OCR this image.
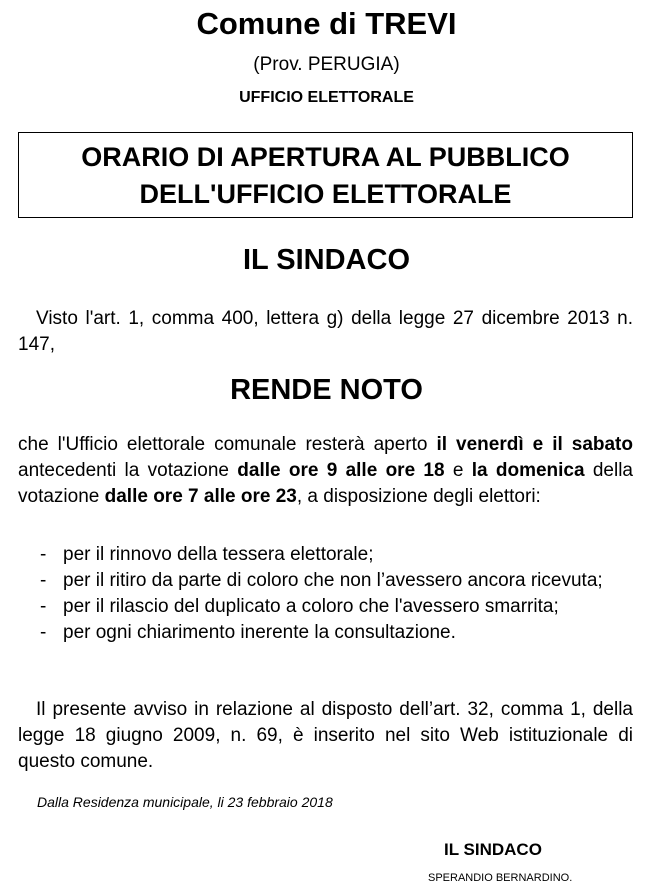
Comune di TREVI
(Prov. PERUGIA)
UFFICIO ELETTORALE
ORARIO DI APERTURA AL PUBBLICO
DELL'UFFICIO ELETTORALE
IL SINDACO
Visto l'art. 1, comma 400, lettera g) della legge 27 dicembre 2013 n. 147,
RENDE NOTO
che l'Ufficio elettorale comunale resterà aperto il venerdì e il sabato antecedenti la votazione dalle ore 9 alle ore 18 e la domenica della votazione dalle ore 7 alle ore 23, a disposizione degli elettori:
- per il rinnovo della tessera elettorale;
- per il ritiro da parte di coloro che non l’avessero ancora ricevuta;
- per il rilascio del duplicato a coloro che l'avessero smarrita;
- per ogni chiarimento inerente la consultazione.
Il presente avviso in relazione al disposto dell’art. 32, comma 1, della legge 18 giugno 2009, n. 69, è inserito nel sito Web istituzionale di questo comune.
Dalla Residenza municipale, li 23 febbraio 2018
IL SINDACO
SPERANDIO BERNARDINO.
